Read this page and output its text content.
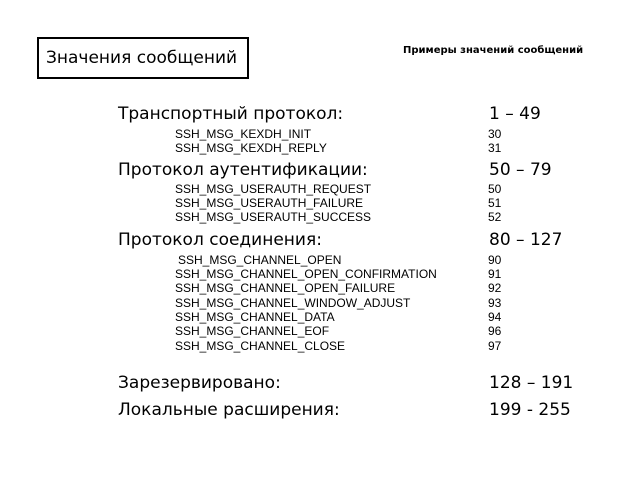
Значения сообщений	Примеры значений сообщений
Транспортный протокол:	1 – 49
SSH_MSG_KEXDH_INIT	30
SSH_MSG_KEXDH_REPLY	31
Протокол аутентификации:	50 – 79
SSH_MSG_USERAUTH_REQUEST	50
SSH_MSG_USERAUTH_FAILURE	51
SSH_MSG_USERAUTH_SUCCESS	52
Протокол соединения:	80 – 127
SSH_MSG_CHANNEL_OPEN	90
SSH_MSG_CHANNEL_OPEN_CONFIRMATION	91
SSH_MSG_CHANNEL_OPEN_FAILURE	92
SSH_MSG_CHANNEL_WINDOW_ADJUST	93
SSH_MSG_CHANNEL_DATA	94
SSH_MSG_CHANNEL_EOF	96
SSH_MSG_CHANNEL_CLOSE	97
Зарезервировано:	128 – 191
Локальные расширения:	199 - 255
